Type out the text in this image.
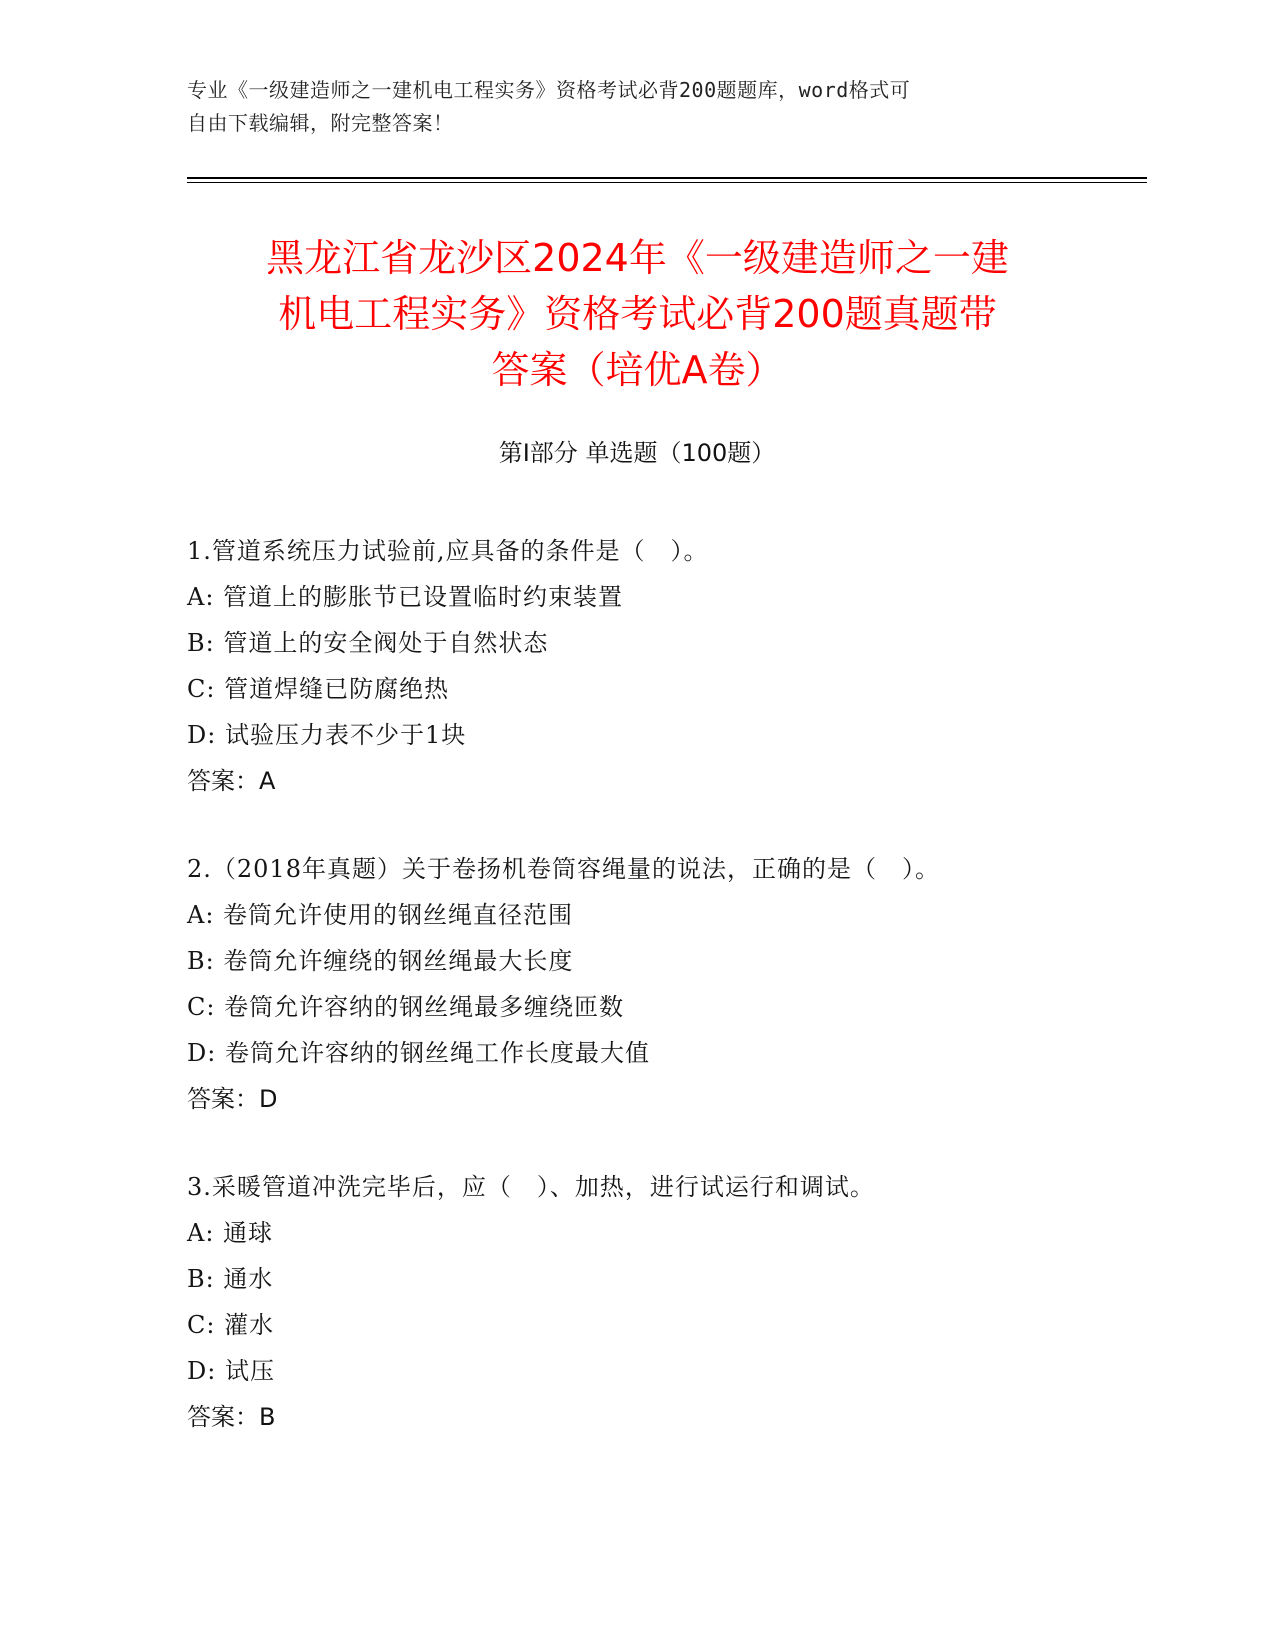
专业《一级建造师之一建机电工程实务》资格考试必背200题题库，word格式可
自由下载编辑，附完整答案！
黑龙江省龙沙区2024年《一级建造师之一建
机电工程实务》资格考试必背200题真题带
答案（培优A卷）
第Ⅰ部分 单选题（100题）
1.管道系统压力试验前,应具备的条件是（　）。
A: 管道上的膨胀节已设置临时约束装置
B: 管道上的安全阀处于自然状态
C: 管道焊缝已防腐绝热
D: 试验压力表不少于1块
答案：A
2.（2018年真题）关于卷扬机卷筒容绳量的说法，正确的是（　）。
A: 卷筒允许使用的钢丝绳直径范围
B: 卷筒允许缠绕的钢丝绳最大长度
C: 卷筒允许容纳的钢丝绳最多缠绕匝数
D: 卷筒允许容纳的钢丝绳工作长度最大值
答案：D
3.采暖管道冲洗完毕后，应（　）、加热，进行试运行和调试。
A: 通球
B: 通水
C: 灌水
D: 试压
答案：B
